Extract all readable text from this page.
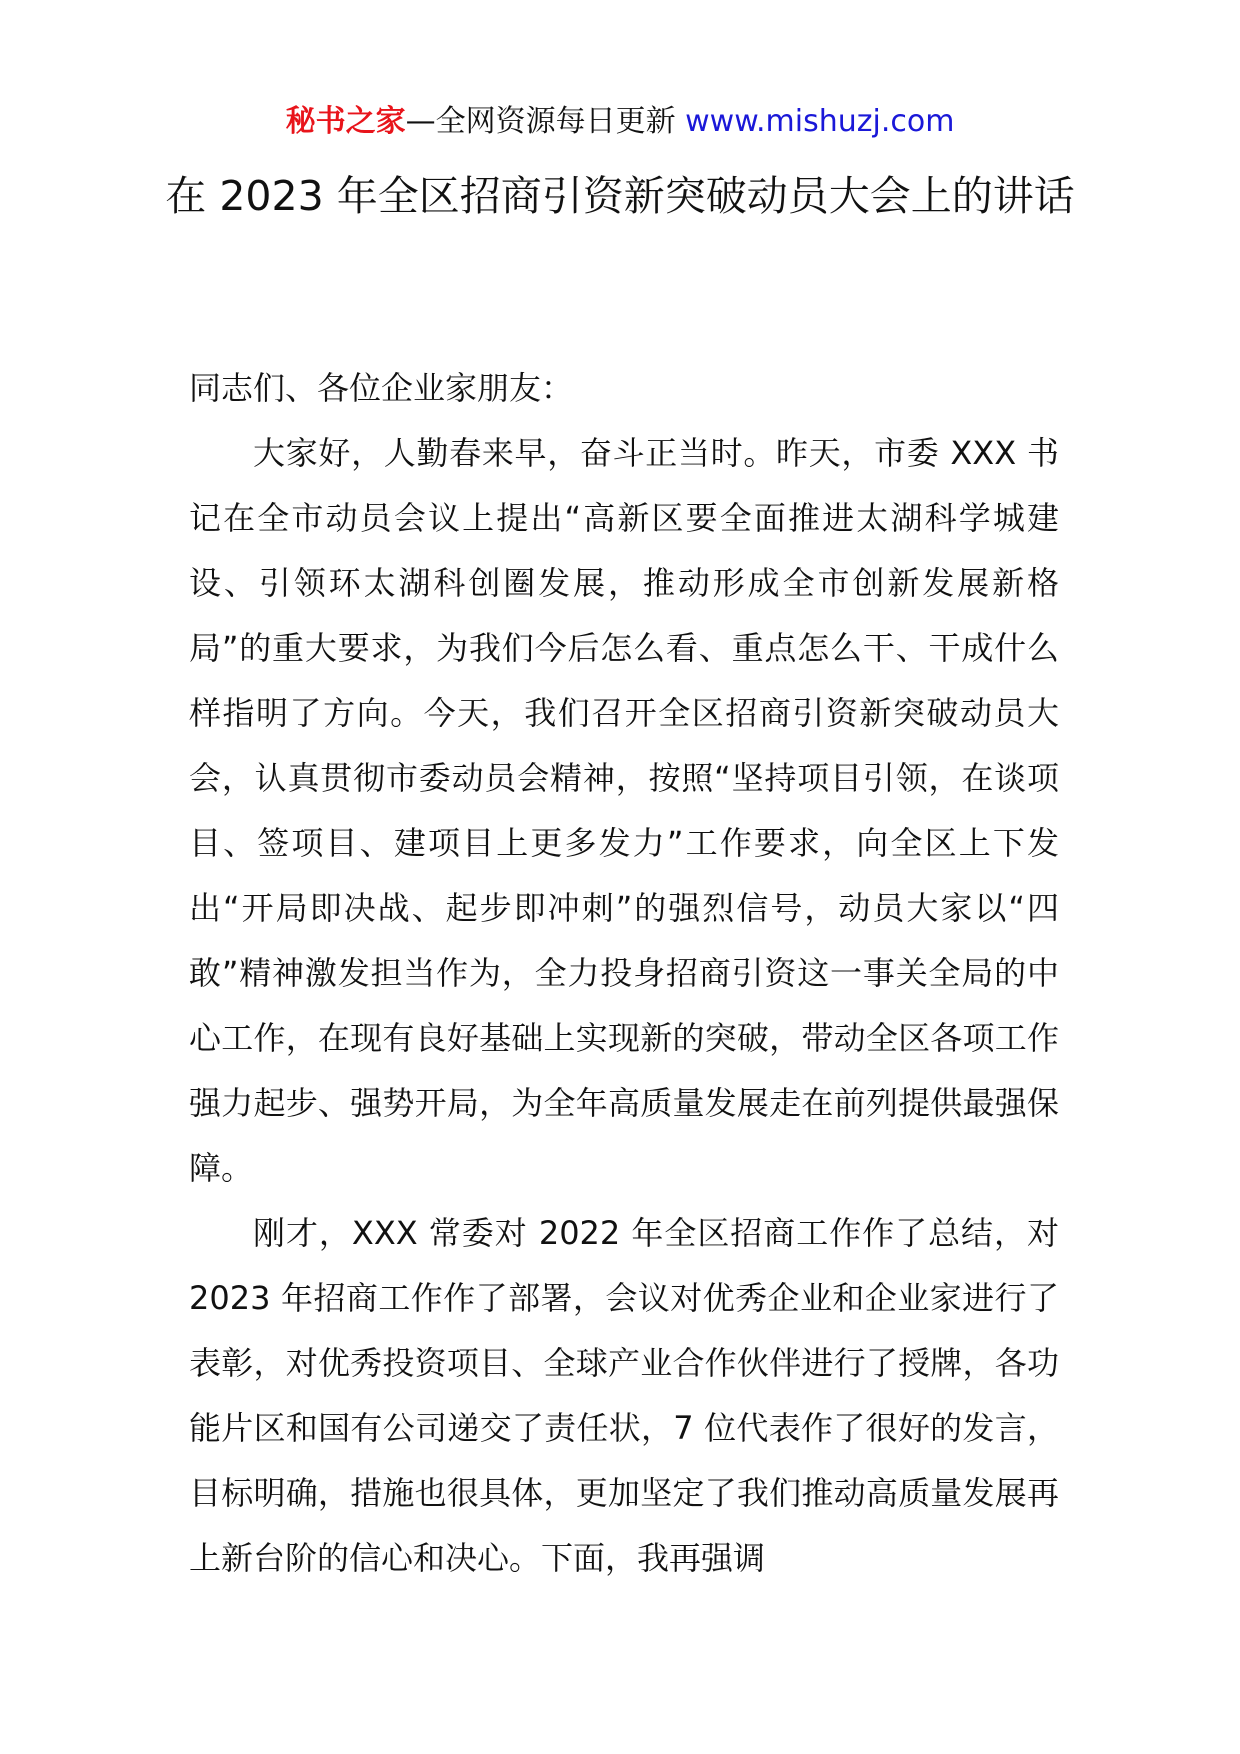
秘书之家—全网资源每日更新 www.mishuzj.com
在 2023 年全区招商引资新突破动员大会上的讲话

同志们、各位企业家朋友：

大家好，人勤春来早，奋斗正当时。昨天，市委 XXX 书记在全市动员会议上提出“高新区要全面推进太湖科学城建设、引领环太湖科创圈发展，推动形成全市创新发展新格局”的重大要求，为我们今后怎么看、重点怎么干、干成什么样指明了方向。今天，我们召开全区招商引资新突破动员大会，认真贯彻市委动员会精神，按照“坚持项目引领，在谈项目、签项目、建项目上更多发力”工作要求，向全区上下发出“开局即决战、起步即冲刺”的强烈信号，动员大家以“四敢”精神激发担当作为，全力投身招商引资这一事关全局的中心工作，在现有良好基础上实现新的突破，带动全区各项工作强力起步、强势开局，为全年高质量发展走在前列提供最强保障。

刚才，XXX 常委对 2022 年全区招商工作作了总结，对 2023 年招商工作作了部署，会议对优秀企业和企业家进行了表彰，对优秀投资项目、全球产业合作伙伴进行了授牌，各功能片区和国有公司递交了责任状，7 位代表作了很好的发言，目标明确，措施也很具体，更加坚定了我们推动高质量发展再上新台阶的信心和决心。下面，我再强调
